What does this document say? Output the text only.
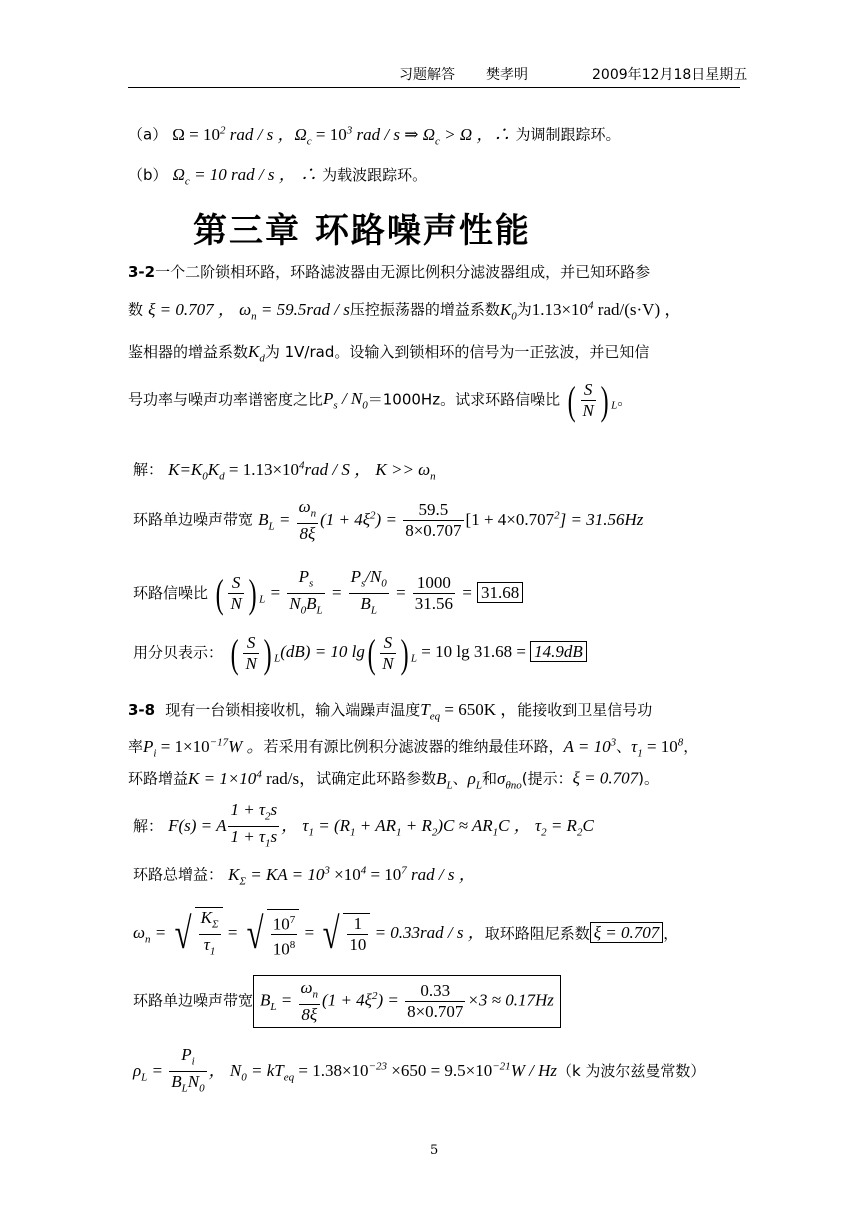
习题解答 樊孝明	2009年12月18日星期五
（a） $\Omega = 10^2$ rad / s ，$\Omega_c = 10^3$ rad / s ⇒ $\Omega_c > \Omega$ ，∴ 为调制跟踪环。
（b） $\Omega_c = 10$ rad / s ， ∴ 为载波跟踪环。
第三章 环路噪声性能
3-2一个二阶锁相环路，环路滤波器由无源比例积分滤波器组成，并已知环路参
数 ξ = 0.707 ， $\omega_n = 59.5rad / s$压控振荡器的增益系数$K_0$为$1.13\times 10^4$ rad/(s·V) ，
鉴相器的增益系数$K_d$为 1V/rad。设输入到锁相环的信号为一正弦波，并已知信
号功率与噪声功率谱密度之比$P_s / N_0=1000Hz$。试求环路信噪比 ( $\frac{S}{N}$ ) $_L$。
解： $K=K_0K_d = 1.13\times 10^4rad / S$ ， $K >> \omega_n$
环路单边噪声带宽 $B_L = \frac{\omega_n}{8\xi} (1 + 4\xi^2) = \frac{59.5}{8\times 0.707} [1 + 4\times 0.707^2] = 31.56Hz$
环路信噪比 ( $\frac{S}{N}$ ) $_L = \frac{P_s}{N_0B_L} = \frac{P_s/N_0}{B_L} = \frac{1000}{31.56} = 31.68$
用分贝表示： ( $\frac{S}{N}$ ) $_L$(dB) = 10 $\lg( \frac{S}{N}$ ) $_L$ = 10 lg 31.68 = 14.9dB
3-8 现有一台锁相接收机，输入端躁声温度$T_{eq} = 650K$ ，能接收到卫星信号功
率$P_i = 1\times 10^{-17}W$ 。若采用有源比例积分滤波器的维纳最佳环路，$A = 10^3$、$\tau_1 = 10^8$，
环路增益$K = 1\times 10^4$ rad/s，试确定此环路参数$B_L$、$\rho_L$和$\sigma_{\theta no}$(提示：ξ = 0.707)。
解： F(s) = A $\frac{1 + \tau_2s}{1 + \tau_1s}$ ， $\tau_1 = (R_1 + AR_1 + R_2)C \approx AR_1C$ ， $\tau_2 = R_2C$
环路总增益： $K_\Sigma$ = KA = $10^3 \times 10^4 = 10^7$ rad / s ，
$\omega_n$ = √ $\frac{K_\Sigma}{\tau_1}$ = √ $\frac{10^7}{10^8}$ = √ $\frac{1}{10} = 0.33rad / s$ ，取环路阻尼系数 ξ = 0.707 ，
环路单边噪声带宽 $B_L = \frac{\omega_n}{8\xi} (1 + 4\xi^2) = \frac{0.33}{8\times 0.707} \times 3 \approx 0.17Hz$
$\rho_L = \frac{P_i}{B_LN_0}$ ， $N_0 = kT_{eq} = 1.38\times 10^{-23} \times 650 = 9.5\times 10^{-21}W / Hz(k$ 为波尔兹曼常数）
5
